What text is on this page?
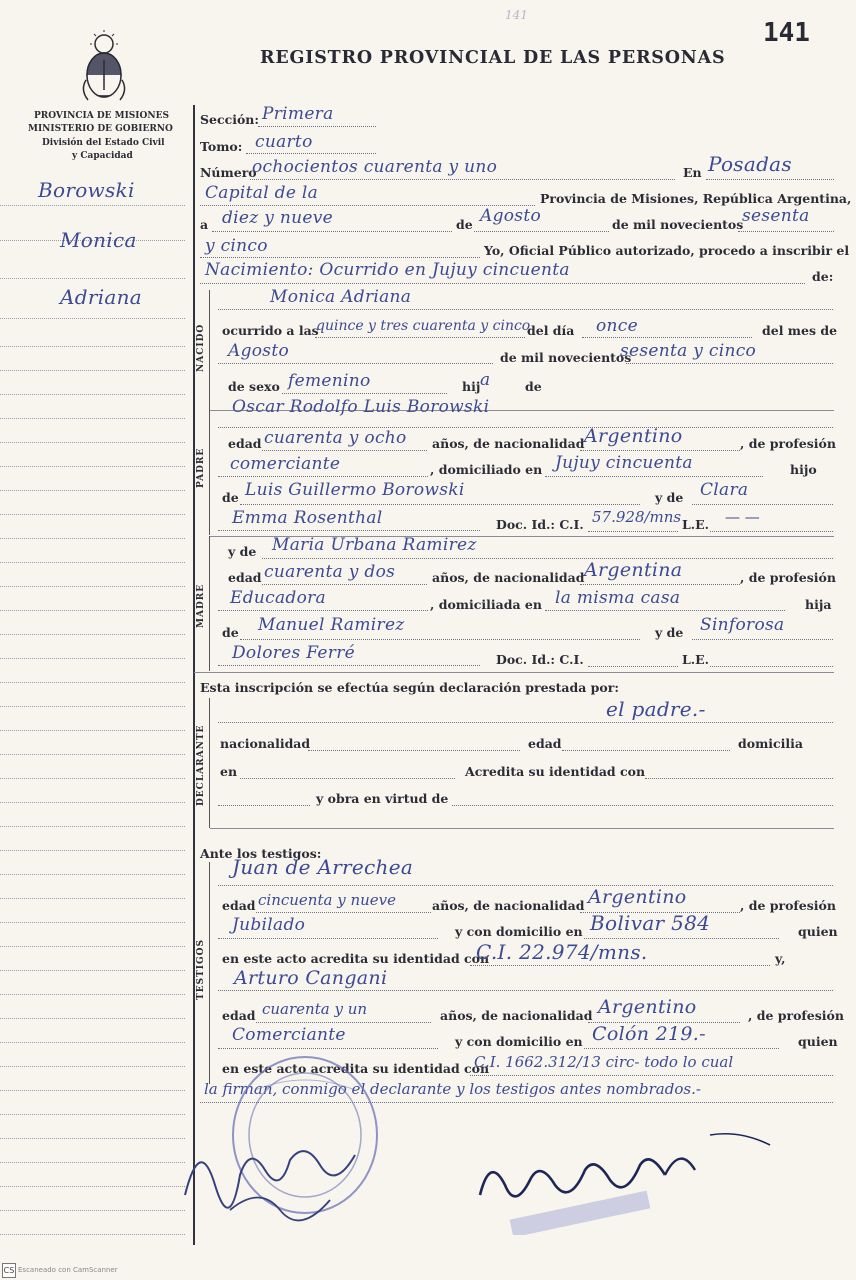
141
141
REGISTRO PROVINCIAL DE LAS PERSONAS
PROVINCIA DE MISIONES
MINISTERIO DE GOBIERNO
División del Estado Civil
y Capacidad
Borowski
Monica
Adriana
Sección: Primera
Tomo: cuarto
Número
ochocientos cuarenta y uno	En Posadas
Capital de la	Provincia de Misiones, República Argentina,
a diez y nueve	de Agosto	de mil novecientos
sesenta
y cinco	Yo, Oficial Público autorizado, procedo a inscribir el
Nacimiento: Ocurrido en Jujuy cincuenta	de:
NACIDO
Monica Adriana
ocurrido a las
quince y tres cuarenta y cinco
del día once	del mes de
Agosto	de mil novecientos
sesenta y cinco
de sexo femenino	hij a	de
PADRE
Oscar Rodolfo Luis Borowski
edad cuarenta y ocho años, de nacionalidad Argentino	, de profesión
comerciante	, domiciliado en Jujuy cincuenta	hijo
de Luis Guillermo Borowski	y de Clara
Emma Rosenthal	Doc. Id.: C.I. 57.928/mns L.E. — —
MADRE
y de Maria Urbana Ramirez
edad cuarenta y dos	años, de nacionalidad Argentina	, de profesión
Educadora	, domiciliada en la misma casa	hija
de Manuel Ramirez	y de Sinforosa
Dolores Ferré	Doc. Id.: C.I.	L.E.
Esta inscripción se efectúa según declaración prestada por:
DECLARANTE
el padre.-
nacionalidad	edad	domicilia
en	Acredita su identidad con
y obra en virtud de
Ante los testigos:
TESTIGOS
Juan de Arrechea
edad cincuenta y nueve	años, de nacionalidad Argentino	, de profesión
Jubilado	y con domicilio en Bolivar 584	quien
en este acto acredita su identidad con
C.I. 22.974/mns.	y,
Arturo Cangani
edad cuarenta y un	años, de nacionalidad Argentino	, de profesión
Comerciante	y con domicilio en Colón 219.-	quien
en este acto acredita su identidad con
C.I. 1662.312/13 circ- todo lo cual
la firman, conmigo el declarante y los testigos antes nombrados.-
CS Escaneado con CamScanner
